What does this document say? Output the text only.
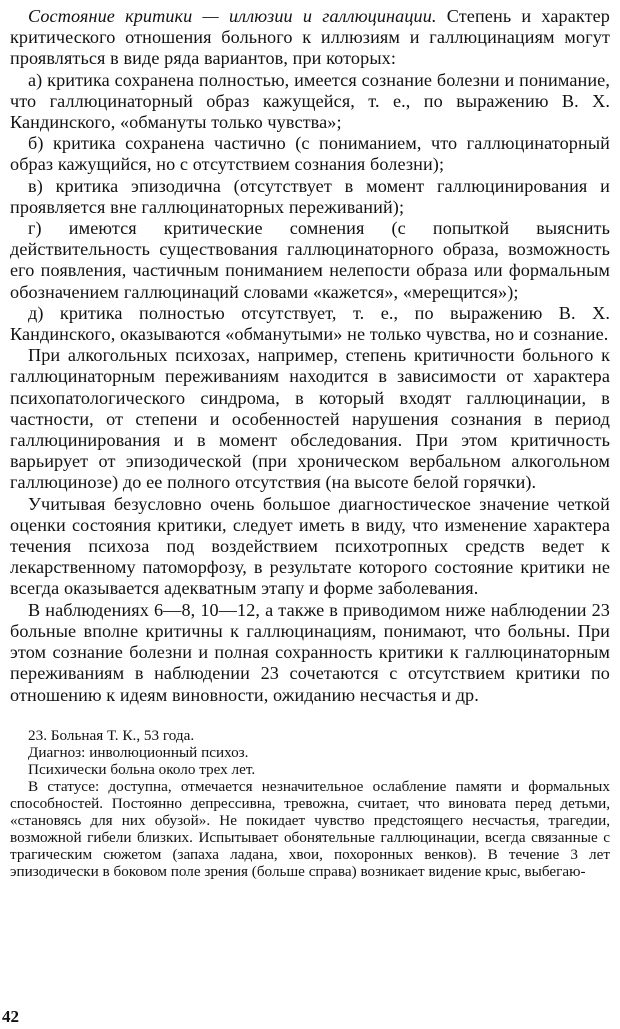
Состояние критики — иллюзии и галлюцинации. Степень и характер критического отношения больного к иллюзиям и галлюцинациям могут проявляться в виде ряда вариантов, при которых:

а) критика сохранена полностью, имеется сознание болезни и понимание, что галлюцинаторный образ кажущейся, т. е., по выражению В. Х. Кандинского, «обмануты только чувства»;

б) критика сохранена частично (с пониманием, что галлюцинаторный образ кажущийся, но с отсутствием сознания болезни);

в) критика эпизодична (отсутствует в момент галлюцинирования и проявляется вне галлюцинаторных переживаний);

г) имеются критические сомнения (с попыткой выяснить действительность существования галлюцинаторного образа, возможность его появления, частичным пониманием нелепости образа или формальным обозначением галлюцинаций словами «кажется», «мерещится»);

д) критика полностью отсутствует, т. е., по выражению В. Х. Кандинского, оказываются «обманутыми» не только чувства, но и сознание.

При алкогольных психозах, например, степень критичности больного к галлюцинаторным переживаниям находится в зависимости от характера психопатологического синдрома, в который входят галлюцинации, в частности, от степени и особенностей нарушения сознания в период галлюцинирования и в момент обследования. При этом критичность варьирует от эпизодической (при хроническом вербальном алкогольном галлюцинозе) до ее полного отсутствия (на высоте белой горячки).

Учитывая безусловно очень большое диагностическое значение четкой оценки состояния критики, следует иметь в виду, что изменение характера течения психоза под воздействием психотропных средств ведет к лекарственному патоморфозу, в результате которого состояние критики не всегда оказывается адекватным этапу и форме заболевания.

В наблюдениях 6—8, 10—12, а также в приводимом ниже наблюдении 23 больные вполне критичны к галлюцинациям, понимают, что больны. При этом сознание болезни и полная сохранность критики к галлюцинаторным переживаниям в наблюдении 23 сочетаются с отсутствием критики по отношению к идеям виновности, ожиданию несчастья и др.

23. Больная Т. К., 53 года.

Диагноз: инволюционный психоз.

Психически больна около трех лет.

В статусе: доступна, отмечается незначительное ослабление памяти и формальных способностей. Постоянно депрессивна, тревожна, считает, что виновата перед детьми, «становясь для них обузой». Не покидает чувство предстоящего несчастья, трагедии, возможной гибели близких. Испытывает обонятельные галлюцинации, всегда связанные с трагическим сюжетом (запаха ладана, хвои, похоронных венков). В течение 3 лет эпизодически в боковом поле зрения (больше справа) возникает видение крыс, выбегаю-

42
